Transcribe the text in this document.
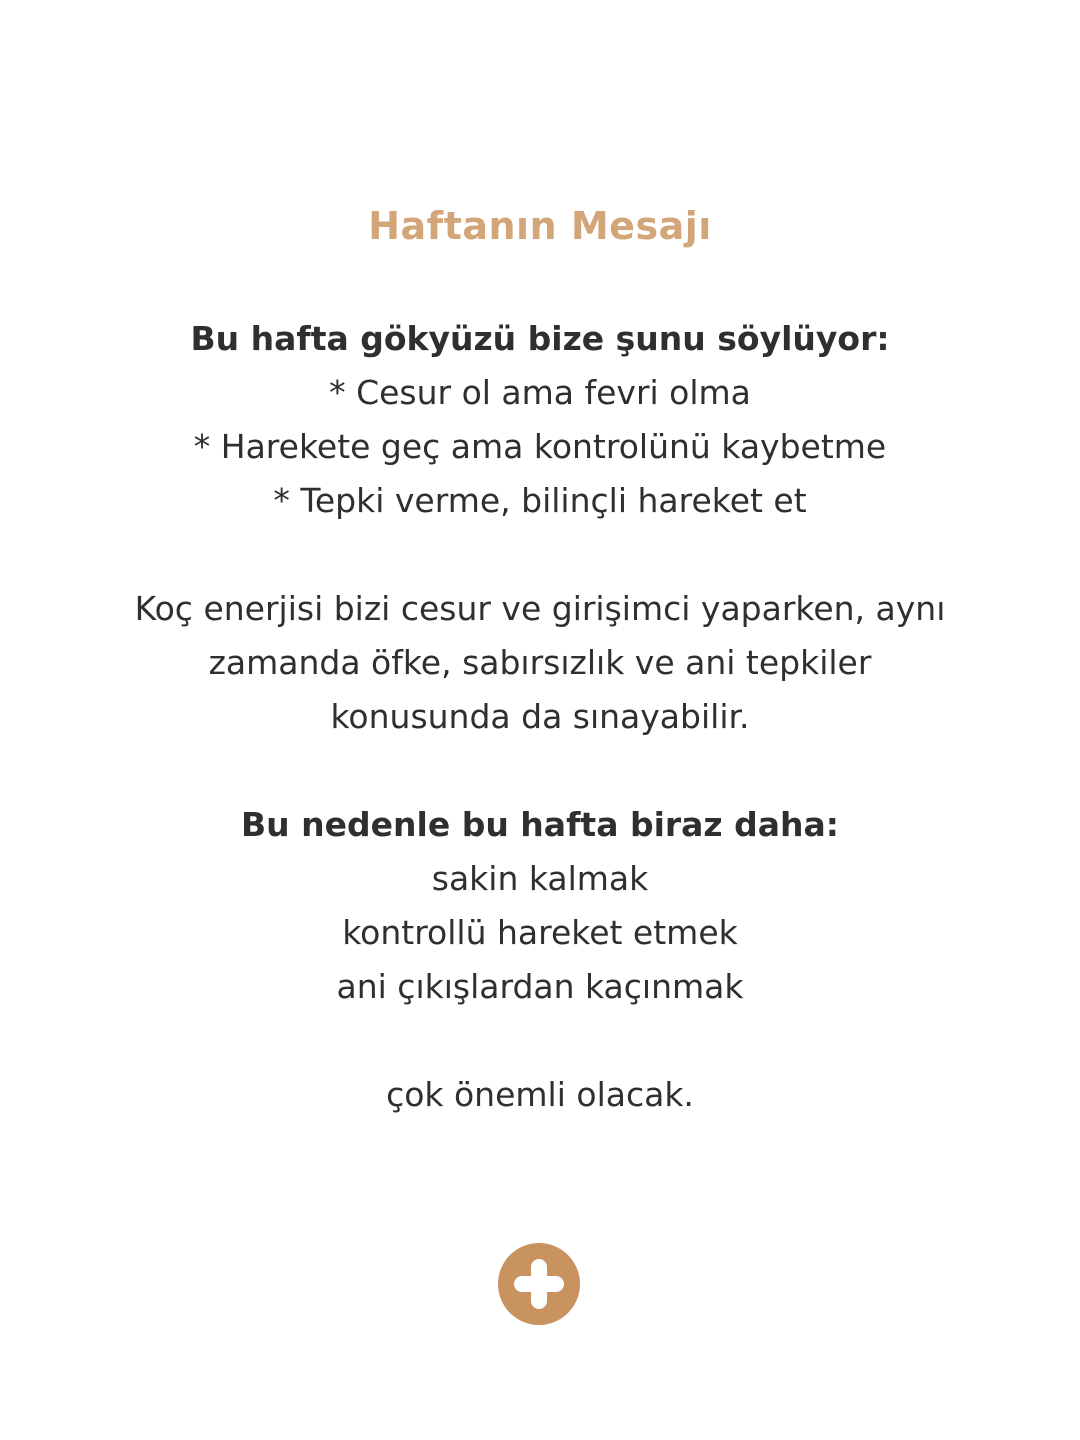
Haftanın Mesajı
Bu hafta gökyüzü bize şunu söylüyor:
* Cesur ol ama fevri olma
* Harekete geç ama kontrolünü kaybetme
* Tepki verme, bilinçli hareket et
Koç enerjisi bizi cesur ve girişimci yaparken, aynı
zamanda öfke, sabırsızlık ve ani tepkiler
konusunda da sınayabilir.
Bu nedenle bu hafta biraz daha:
sakin kalmak
kontrollü hareket etmek
ani çıkışlardan kaçınmak
çok önemli olacak.
